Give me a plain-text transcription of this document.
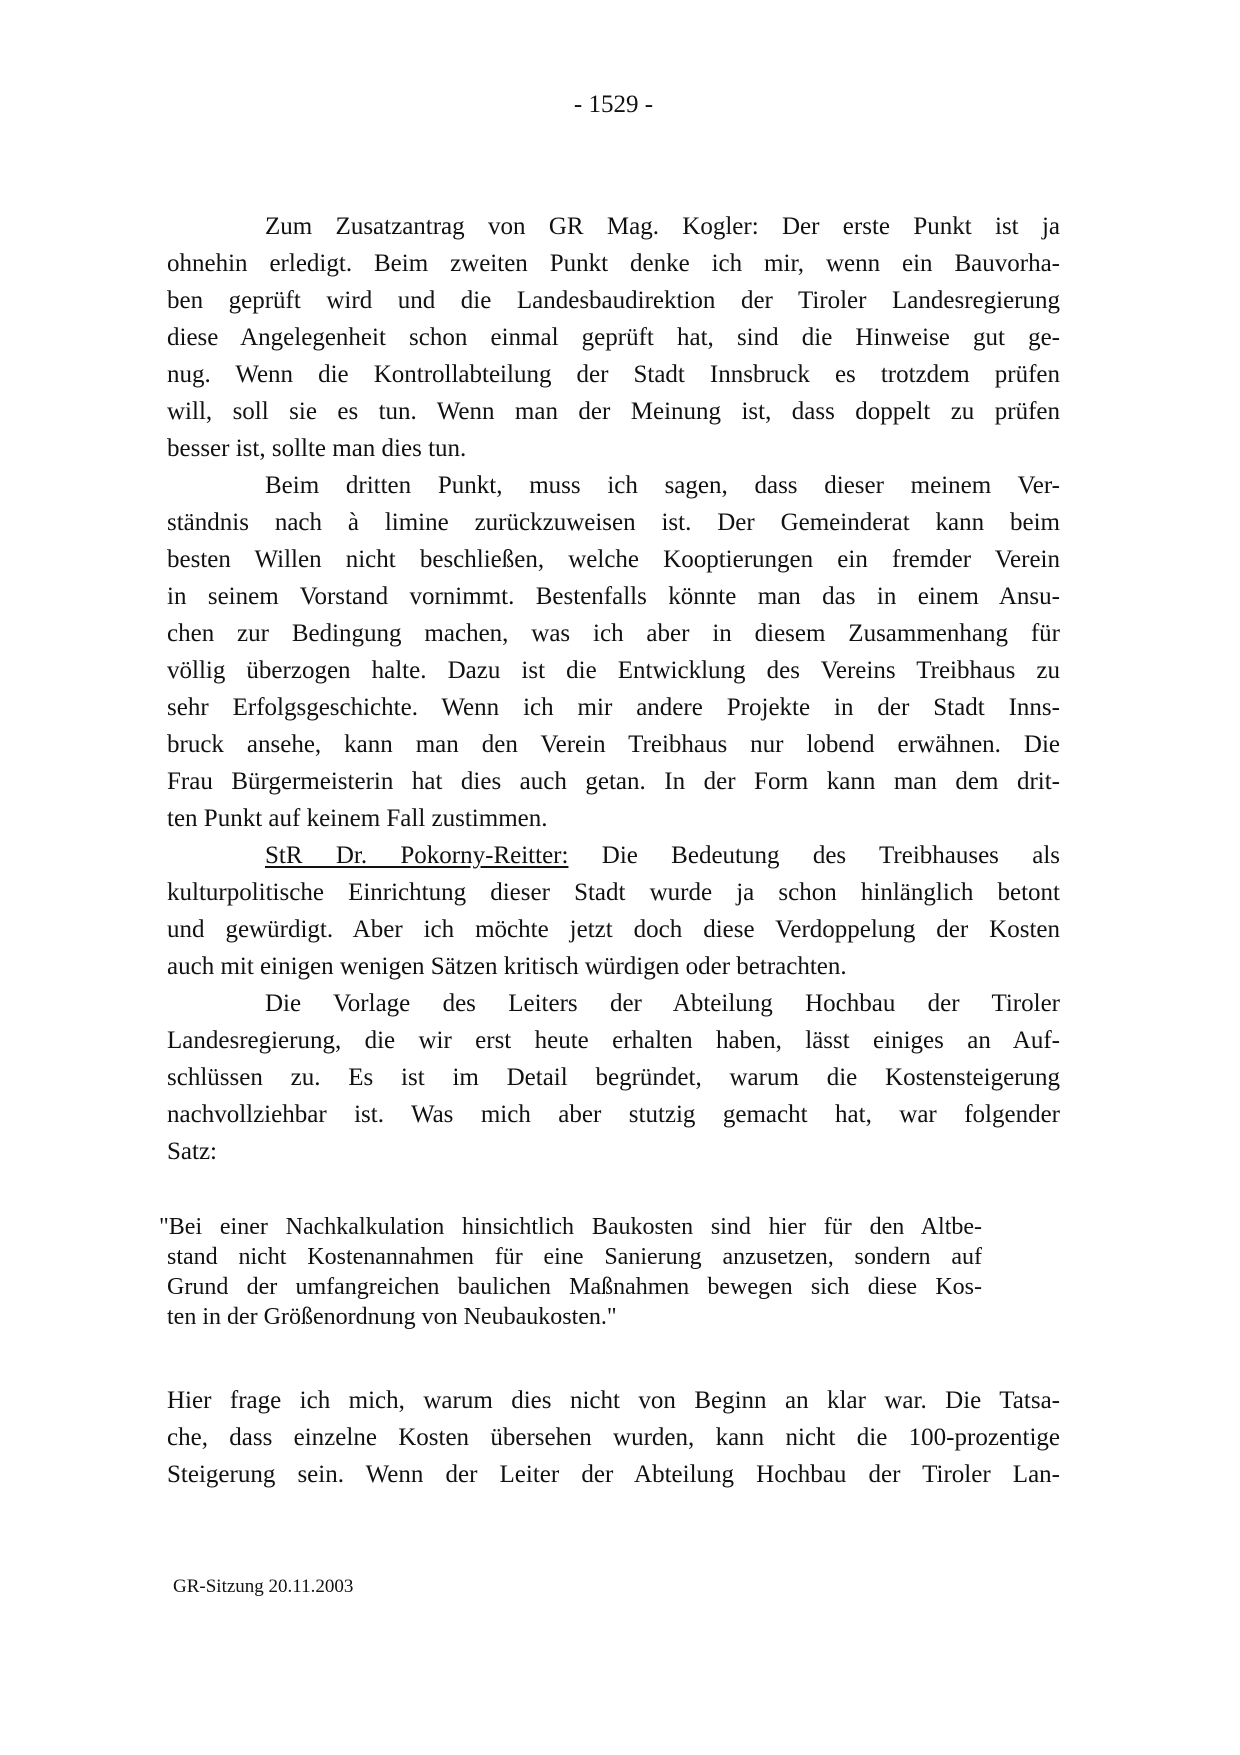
- 1529 -
Zum Zusatzantrag von GR Mag. Kogler: Der erste Punkt ist ja
ohnehin erledigt. Beim zweiten Punkt denke ich mir, wenn ein Bauvorha-
ben geprüft wird und die Landesbaudirektion der Tiroler Landesregierung
diese Angelegenheit schon einmal geprüft hat, sind die Hinweise gut ge-
nug. Wenn die Kontrollabteilung der Stadt Innsbruck es trotzdem prüfen
will, soll sie es tun. Wenn man der Meinung ist, dass doppelt zu prüfen
besser ist, sollte man dies tun.
Beim dritten Punkt, muss ich sagen, dass dieser meinem Ver-
ständnis nach à limine zurückzuweisen ist. Der Gemeinderat kann beim
besten Willen nicht beschließen, welche Kooptierungen ein fremder Verein
in seinem Vorstand vornimmt. Bestenfalls könnte man das in einem Ansu-
chen zur Bedingung machen, was ich aber in diesem Zusammenhang für
völlig überzogen halte. Dazu ist die Entwicklung des Vereins Treibhaus zu
sehr Erfolgsgeschichte. Wenn ich mir andere Projekte in der Stadt Inns-
bruck ansehe, kann man den Verein Treibhaus nur lobend erwähnen. Die
Frau Bürgermeisterin hat dies auch getan. In der Form kann man dem drit-
ten Punkt auf keinem Fall zustimmen.
StR Dr. Pokorny-Reitter: Die Bedeutung des Treibhauses als
kulturpolitische Einrichtung dieser Stadt wurde ja schon hinlänglich betont
und gewürdigt. Aber ich möchte jetzt doch diese Verdoppelung der Kosten
auch mit einigen wenigen Sätzen kritisch würdigen oder betrachten.
Die Vorlage des Leiters der Abteilung Hochbau der Tiroler
Landesregierung, die wir erst heute erhalten haben, lässt einiges an Auf-
schlüssen zu. Es ist im Detail begründet, warum die Kostensteigerung
nachvollziehbar ist. Was mich aber stutzig gemacht hat, war folgender
Satz:
"Bei einer Nachkalkulation hinsichtlich Baukosten sind hier für den Altbe-
stand nicht Kostenannahmen für eine Sanierung anzusetzen, sondern auf
Grund der umfangreichen baulichen Maßnahmen bewegen sich diese Kos-
ten in der Größenordnung von Neubaukosten."
Hier frage ich mich, warum dies nicht von Beginn an klar war. Die Tatsa-
che, dass einzelne Kosten übersehen wurden, kann nicht die 100-prozentige
Steigerung sein. Wenn der Leiter der Abteilung Hochbau der Tiroler Lan-
GR-Sitzung 20.11.2003
